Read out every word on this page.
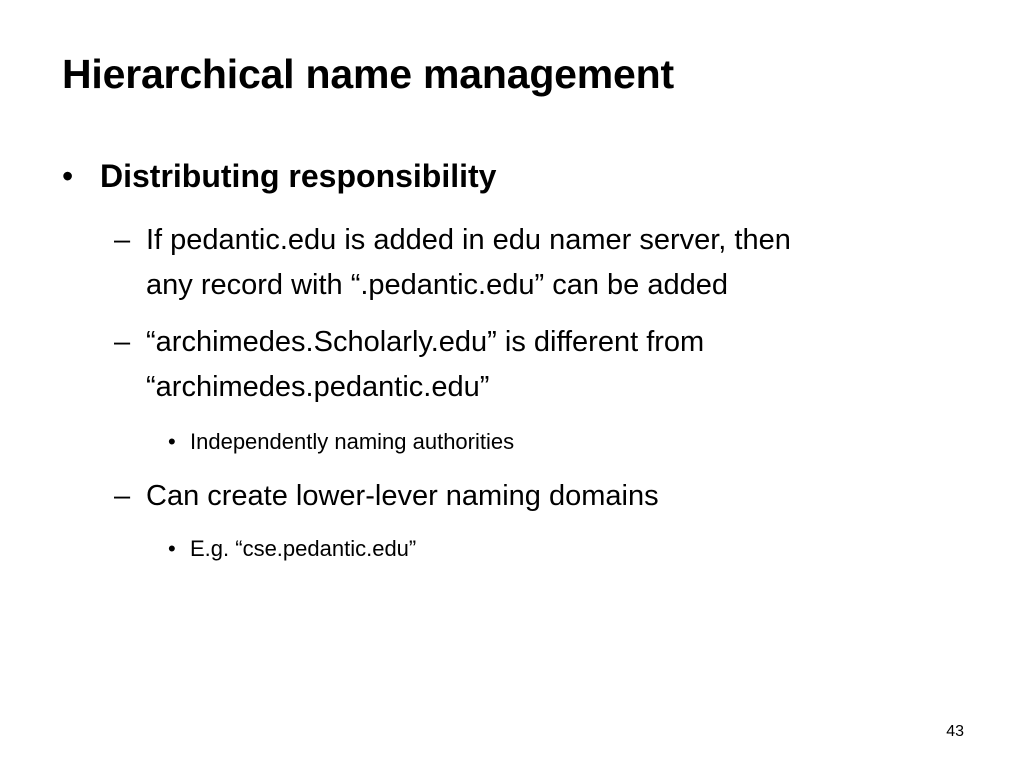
Hierarchical name management
• Distributing responsibility
– If pedantic.edu is added in edu namer server, then
any record with “.pedantic.edu” can be added
– “archimedes.Scholarly.edu” is different from
“archimedes.pedantic.edu”
• Independently naming authorities
– Can create lower-lever naming domains
• E.g. “cse.pedantic.edu”
43
